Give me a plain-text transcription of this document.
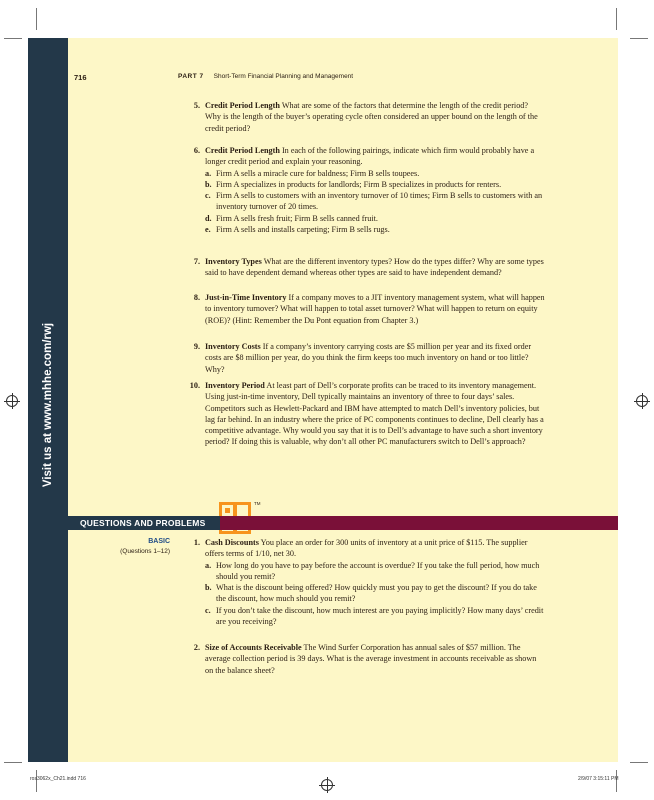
Visit us at www.mhhe.com/rwj
716	PART 7 Short-Term Financial Planning and Management
5. Credit Period Length What are some of the factors that determine the length of the credit period? Why is the length of the buyer’s operating cycle often considered an upper bound on the length of the credit period?
6. Credit Period Length In each of the following pairings, indicate which firm would probably have a longer credit period and explain your reasoning.
a. Firm A sells a miracle cure for baldness; Firm B sells toupees.
b. Firm A specializes in products for landlords; Firm B specializes in products for renters.
c. Firm A sells to customers with an inventory turnover of 10 times; Firm B sells to customers with an inventory turnover of 20 times.
d. Firm A sells fresh fruit; Firm B sells canned fruit.
e. Firm A sells and installs carpeting; Firm B sells rugs.
7. Inventory Types What are the different inventory types? How do the types differ? Why are some types said to have dependent demand whereas other types are said to have independent demand?
8. Just-in-Time Inventory If a company moves to a JIT inventory management system, what will happen to inventory turnover? What will happen to total asset turnover? What will happen to return on equity (ROE)? (Hint: Remember the Du Pont equation from Chapter 3.)
9. Inventory Costs If a company’s inventory carrying costs are $5 million per year and its fixed order costs are $8 million per year, do you think the firm keeps too much inventory on hand or too little? Why?
10. Inventory Period At least part of Dell’s corporate profits can be traced to its inventory management. Using just-in-time inventory, Dell typically maintains an inventory of three to four days’ sales. Competitors such as Hewlett-Packard and IBM have attempted to match Dell’s inventory policies, but lag far behind. In an industry where the price of PC components continues to decline, Dell clearly has a competitive advantage. Why would you say that it is to Dell’s advantage to have such a short inventory period? If doing this is valuable, why don’t all other PC manufacturers switch to Dell’s approach?
TM
QUESTIONS AND PROBLEMS
BASIC
(Questions 1–12)
1. Cash Discounts You place an order for 300 units of inventory at a unit price of $115. The supplier offers terms of 1/10, net 30.
a. How long do you have to pay before the account is overdue? If you take the full period, how much should you remit?
b. What is the discount being offered? How quickly must you pay to get the discount? If you do take the discount, how much should you remit?
c. If you don’t take the discount, how much interest are you paying implicitly? How many days’ credit are you receiving?
2. Size of Accounts Receivable The Wind Surfer Corporation has annual sales of $57 million. The average collection period is 39 days. What is the average investment in accounts receivable as shown on the balance sheet?
ros3062x_Ch21.indd 716	2/9/07 3:15:11 PM
